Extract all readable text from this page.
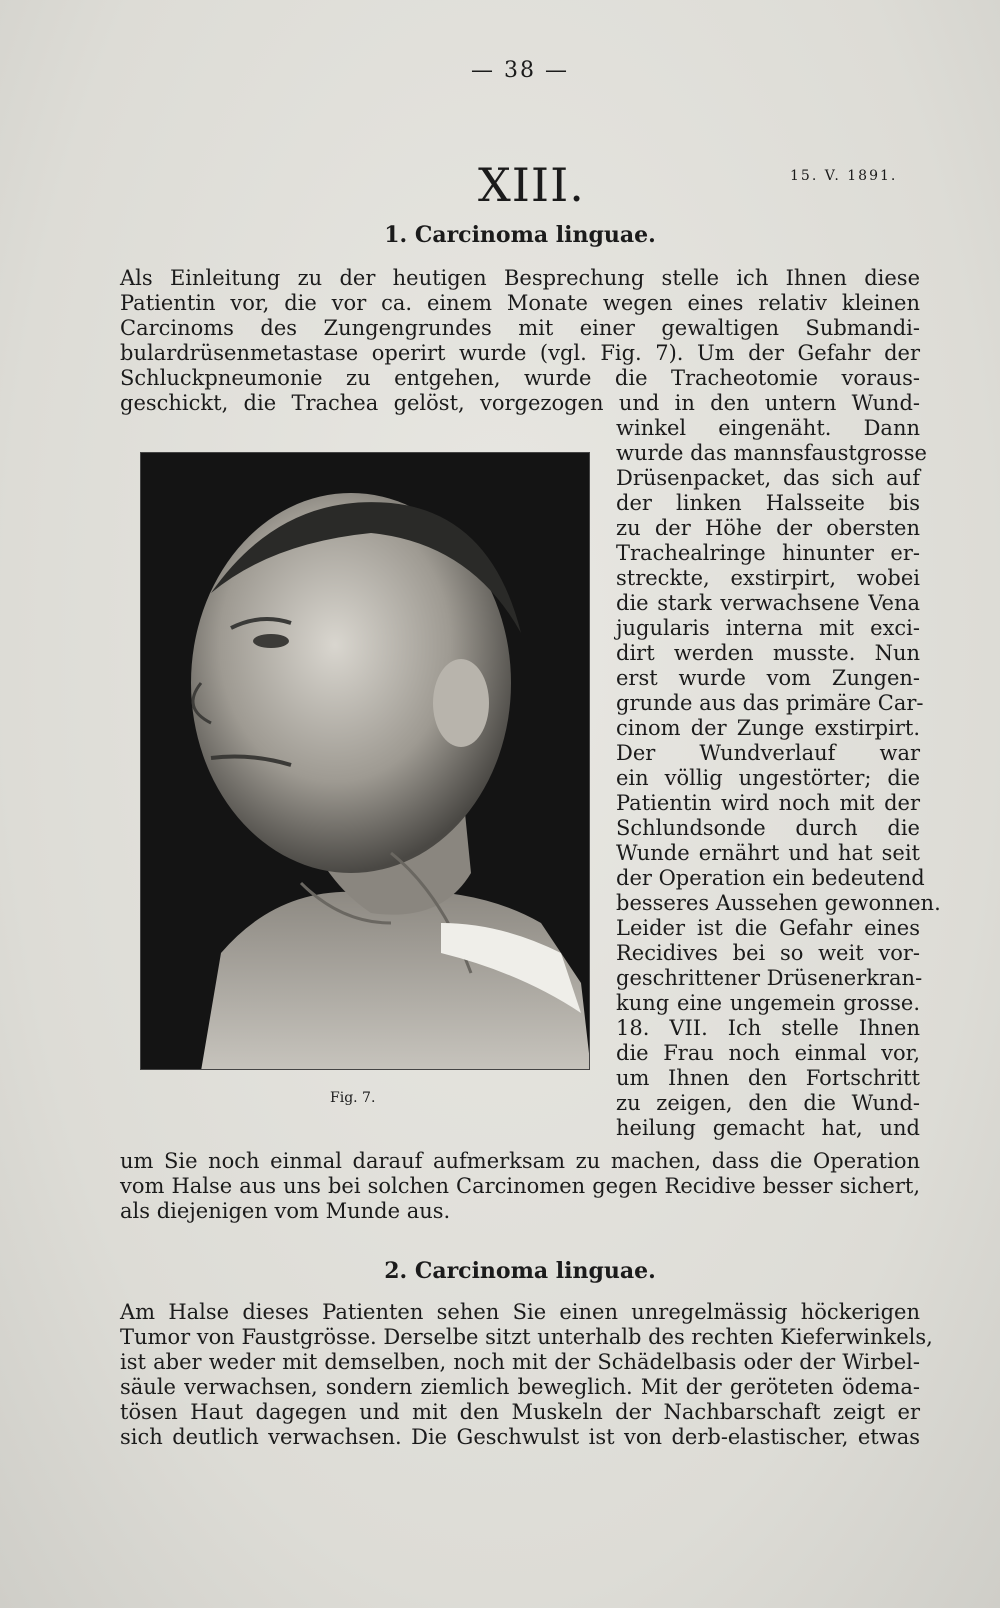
— 38 —
XIII.	15. V. 1891.
1. Carcinoma linguae.
Als Einleitung zu der heutigen Besprechung stelle ich Ihnen diese
Patientin vor, die vor ca. einem Monate wegen eines relativ kleinen
Carcinoms des Zungengrundes mit einer gewaltigen Submandi-
bulardrüsenmetastase operirt wurde (vgl. Fig. 7). Um der Gefahr der
Schluckpneumonie zu entgehen, wurde die Tracheotomie voraus-
geschickt, die Trachea gelöst, vorgezogen und in den untern Wund-
winkel eingenäht. Dann
wurde das mannsfaustgrosse
Drüsenpacket, das sich auf
der linken Halsseite bis
zu der Höhe der obersten
Trachealringe hinunter er-
streckte, exstirpirt, wobei
die stark verwachsene Vena
jugularis interna mit exci-
dirt werden musste. Nun
erst wurde vom Zungen-
grunde aus das primäre Car-
cinom der Zunge exstirpirt.
Der Wundverlauf war
ein völlig ungestörter; die
Patientin wird noch mit der
Schlundsonde durch die
Wunde ernährt und hat seit
der Operation ein bedeutend
besseres Aussehen gewonnen.
Leider ist die Gefahr eines
Recidives bei so weit vor-
geschrittener Drüsenerkran-
kung eine ungemein grosse.
18. VII. Ich stelle Ihnen
die Frau noch einmal vor,
um Ihnen den Fortschritt
zu zeigen, den die Wund-
heilung gemacht hat, und
Fig. 7.
um Sie noch einmal darauf aufmerksam zu machen, dass die Operation
vom Halse aus uns bei solchen Carcinomen gegen Recidive besser sichert,
als diejenigen vom Munde aus.
2. Carcinoma linguae.
Am Halse dieses Patienten sehen Sie einen unregelmässig höckerigen
Tumor von Faustgrösse. Derselbe sitzt unterhalb des rechten Kieferwinkels,
ist aber weder mit demselben, noch mit der Schädelbasis oder der Wirbel-
säule verwachsen, sondern ziemlich beweglich. Mit der geröteten ödema-
tösen Haut dagegen und mit den Muskeln der Nachbarschaft zeigt er
sich deutlich verwachsen. Die Geschwulst ist von derb-elastischer, etwas
